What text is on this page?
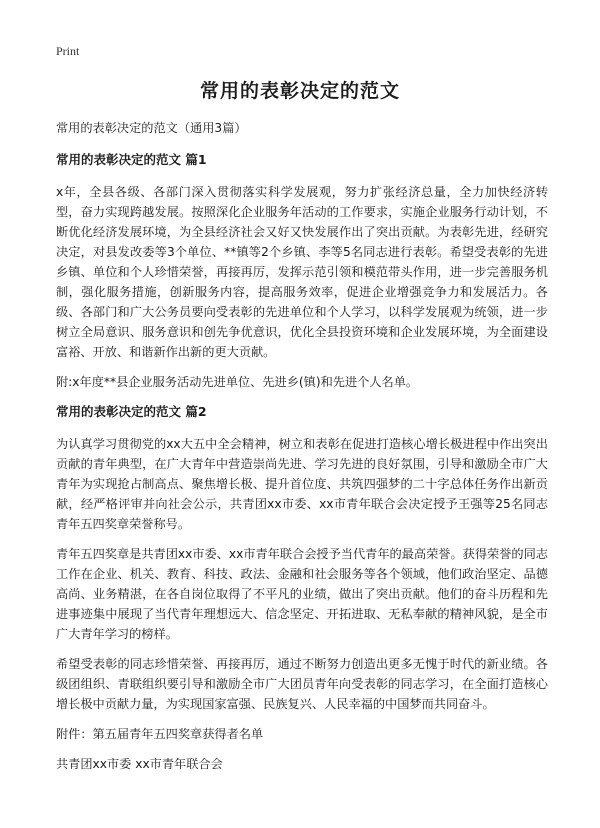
Print
常用的表彰决定的范文

常用的表彰决定的范文（通用3篇）

常用的表彰决定的范文 篇1

x年，全县各级、各部门深入贯彻落实科学发展观，努力扩张经济总量，全力加快经济转型，奋力实现跨越发展。按照深化企业服务年活动的工作要求，实施企业服务行动计划，不断优化经济发展环境，为全县经济社会又好又快发展作出了突出贡献。为表彰先进，经研究决定，对县发改委等3个单位、**镇等2个乡镇、李等5名同志进行表彰。希望受表彰的先进乡镇、单位和个人珍惜荣誉，再接再厉，发挥示范引领和模范带头作用，进一步完善服务机制，强化服务措施，创新服务内容，提高服务效率，促进企业增强竞争力和发展活力。各级、各部门和广大公务员要向受表彰的先进单位和个人学习，以科学发展观为统领，进一步树立全局意识、服务意识和创先争优意识，优化全县投资环境和企业发展环境，为全面建设富裕、开放、和谐新作出新的更大贡献。

附:x年度**县企业服务活动先进单位、先进乡(镇)和先进个人名单。

常用的表彰决定的范文 篇2

为认真学习贯彻党的xx大五中全会精神，树立和表彰在促进打造核心增长极进程中作出突出贡献的青年典型，在广大青年中营造崇尚先进、学习先进的良好氛围，引导和激励全市广大青年为实现抢占制高点、聚焦增长极、提升首位度、共筑四强梦的二十字总体任务作出新贡献，经严格评审并向社会公示，共青团xx市委、xx市青年联合会决定授予王强等25名同志青年五四奖章荣誉称号。

青年五四奖章是共青团xx市委、xx市青年联合会授予当代青年的最高荣誉。获得荣誉的同志工作在企业、机关、教育、科技、政法、金融和社会服务等各个领域，他们政治坚定、品德高尚、业务精湛，在各自岗位取得了不平凡的业绩，做出了突出贡献。他们的奋斗历程和先进事迹集中展现了当代青年理想远大、信念坚定、开拓进取、无私奉献的精神风貌，是全市广大青年学习的榜样。

希望受表彰的同志珍惜荣誉、再接再厉，通过不断努力创造出更多无愧于时代的新业绩。各级团组织、青联组织要引导和激励全市广大团员青年向受表彰的同志学习，在全面打造核心增长极中贡献力量，为实现国家富强、民族复兴、人民幸福的中国梦而共同奋斗。

附件：第五届青年五四奖章获得者名单

共青团xx市委 xx市青年联合会
